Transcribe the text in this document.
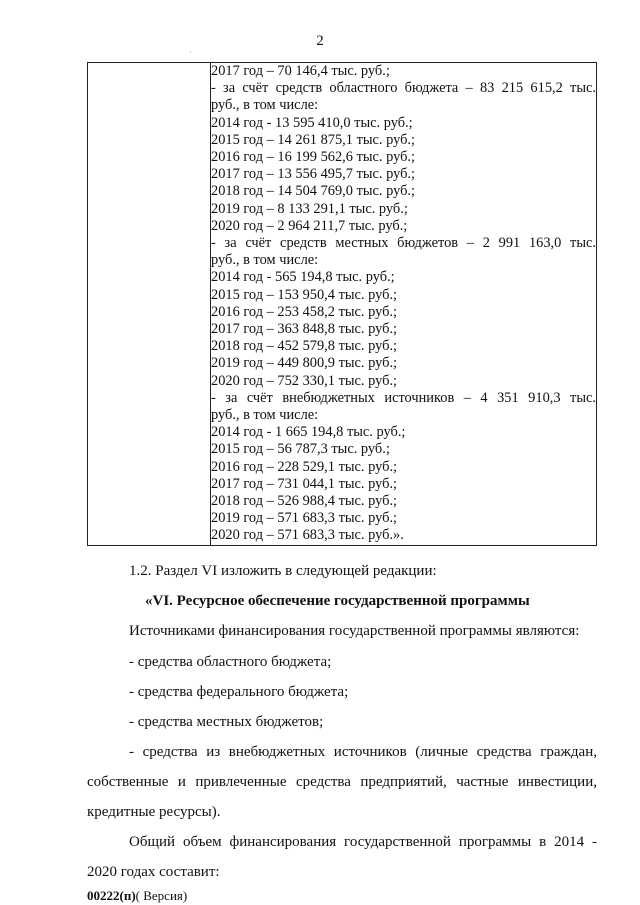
2
·

2017 год – 70 146,4 тыс. руб.;
- за счёт средств областного бюджета – 83 215 615,2 тыс.
руб., в том числе:
2014 год - 13 595 410,0 тыс. руб.;
2015 год – 14 261 875,1 тыс. руб.;
2016 год – 16 199 562,6 тыс. руб.;
2017 год – 13 556 495,7 тыс. руб.;
2018 год – 14 504 769,0 тыс. руб.;
2019 год – 8 133 291,1 тыс. руб.;
2020 год – 2 964 211,7 тыс. руб.;
- за счёт средств местных бюджетов – 2 991 163,0 тыс.
руб., в том числе:
2014 год - 565 194,8 тыс. руб.;
2015 год – 153 950,4 тыс. руб.;
2016 год – 253 458,2 тыс. руб.;
2017 год – 363 848,8 тыс. руб.;
2018 год – 452 579,8 тыс. руб.;
2019 год – 449 800,9 тыс. руб.;
2020 год – 752 330,1 тыс. руб.;
- за счёт внебюджетных источников – 4 351 910,3 тыс.
руб., в том числе:
2014 год - 1 665 194,8 тыс. руб.;
2015 год – 56 787,3 тыс. руб.;
2016 год – 228 529,1 тыс. руб.;
2017 год – 731 044,1 тыс. руб.;
2018 год – 526 988,4 тыс. руб.;
2019 год – 571 683,3 тыс. руб.;
2020 год – 571 683,3 тыс. руб.».
1.2. Раздел VI изложить в следующей редакции:
«VI. Ресурсное обеспечение государственной программы
Источниками финансирования государственной программы являются:
- средства областного бюджета;
- средства федерального бюджета;
- средства местных бюджетов;
- средства из внебюджетных источников (личные средства граждан,
собственные и привлеченные средства предприятий, частные инвестиции,
кредитные ресурсы).
Общий объем финансирования государственной программы в 2014 -
2020 годах составит:
00222(п)( Версия)
